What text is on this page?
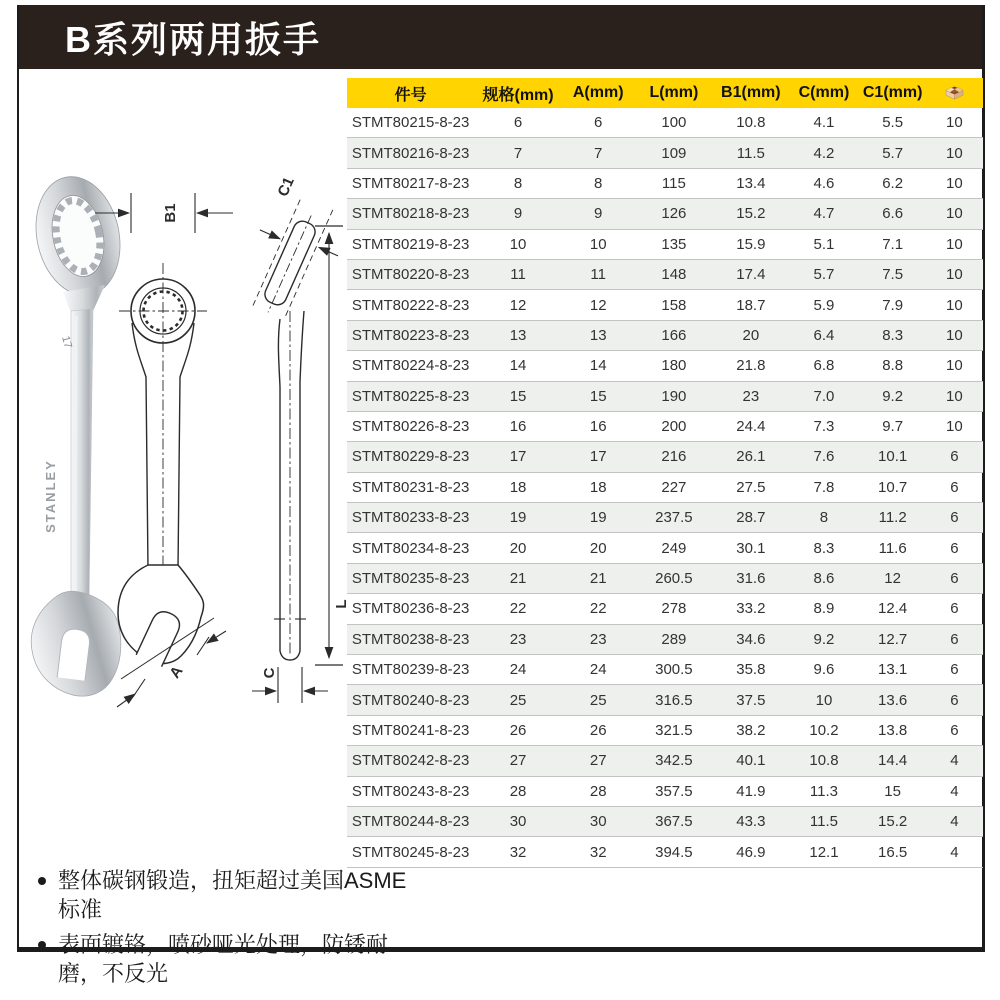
B系列两用扳手
17
STANLEY
B1
A
C1
L
C
件号	规格(mm)	A(mm)	L(mm)	B1(mm)	C(mm)	C1(mm)	
STMT80215-8-23	6	6	100	10.8	4.1	5.5	10
STMT80216-8-23	7	7	109	11.5	4.2	5.7	10
STMT80217-8-23	8	8	115	13.4	4.6	6.2	10
STMT80218-8-23	9	9	126	15.2	4.7	6.6	10
STMT80219-8-23	10	10	135	15.9	5.1	7.1	10
STMT80220-8-23	11	11	148	17.4	5.7	7.5	10
STMT80222-8-23	12	12	158	18.7	5.9	7.9	10
STMT80223-8-23	13	13	166	20	6.4	8.3	10
STMT80224-8-23	14	14	180	21.8	6.8	8.8	10
STMT80225-8-23	15	15	190	23	7.0	9.2	10
STMT80226-8-23	16	16	200	24.4	7.3	9.7	10
STMT80229-8-23	17	17	216	26.1	7.6	10.1	6
STMT80231-8-23	18	18	227	27.5	7.8	10.7	6
STMT80233-8-23	19	19	237.5	28.7	8	11.2	6
STMT80234-8-23	20	20	249	30.1	8.3	11.6	6
STMT80235-8-23	21	21	260.5	31.6	8.6	12	6
STMT80236-8-23	22	22	278	33.2	8.9	12.4	6
STMT80238-8-23	23	23	289	34.6	9.2	12.7	6
STMT80239-8-23	24	24	300.5	35.8	9.6	13.1	6
STMT80240-8-23	25	25	316.5	37.5	10	13.6	6
STMT80241-8-23	26	26	321.5	38.2	10.2	13.8	6
STMT80242-8-23	27	27	342.5	40.1	10.8	14.4	4
STMT80243-8-23	28	28	357.5	41.9	11.3	15	4
STMT80244-8-23	30	30	367.5	43.3	11.5	15.2	4
STMT80245-8-23	32	32	394.5	46.9	12.1	16.5	4
整体碳钢锻造，扭矩超过美国ASME标准
表面镀铬，喷砂哑光处理，防锈耐磨，不反光
